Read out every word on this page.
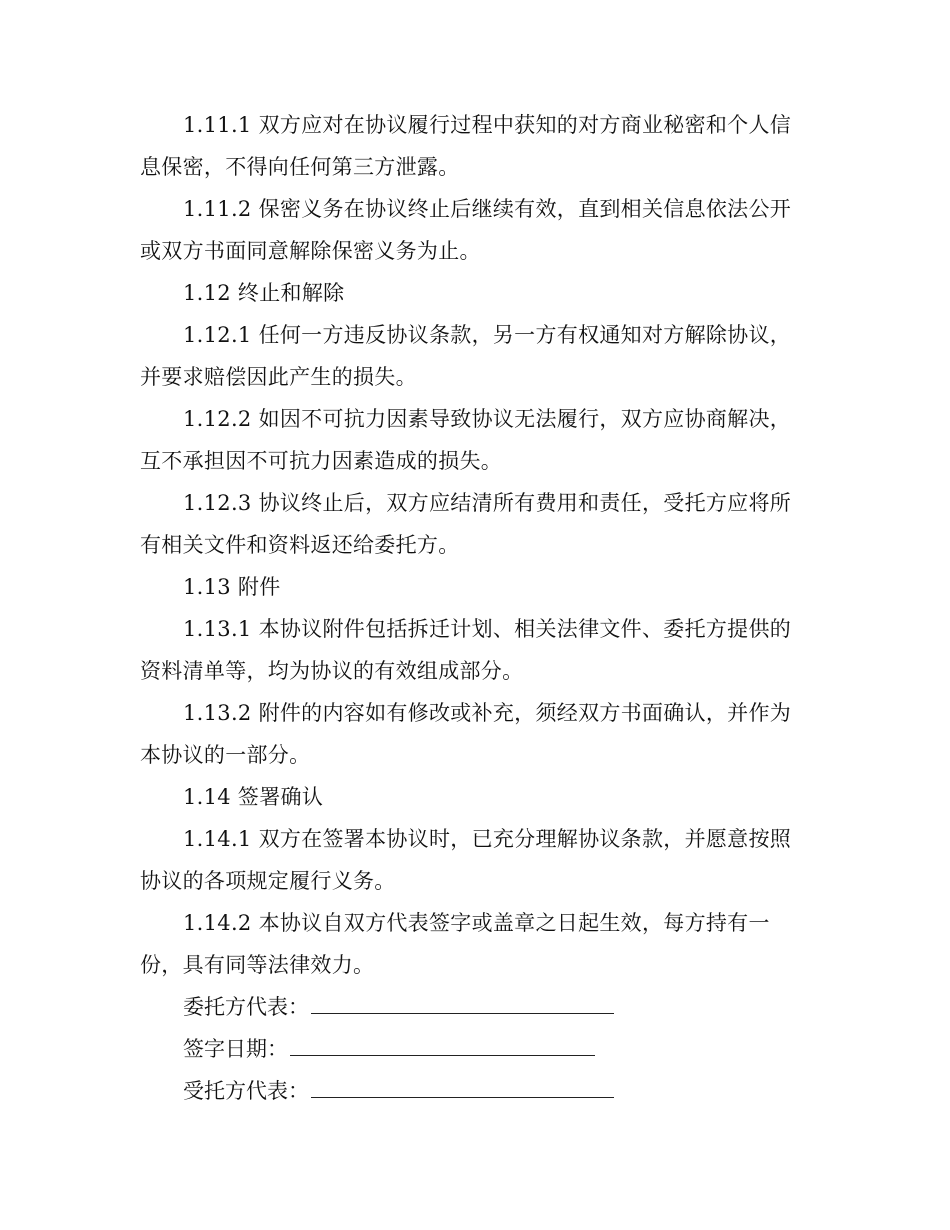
1.11.1 双方应对在协议履行过程中获知的对方商业秘密和个人信息保密，不得向任何第三方泄露。

1.11.2 保密义务在协议终止后继续有效，直到相关信息依法公开或双方书面同意解除保密义务为止。

1.12 终止和解除

1.12.1 任何一方违反协议条款，另一方有权通知对方解除协议，并要求赔偿因此产生的损失。

1.12.2 如因不可抗力因素导致协议无法履行，双方应协商解决，互不承担因不可抗力因素造成的损失。

1.12.3 协议终止后，双方应结清所有费用和责任，受托方应将所有相关文件和资料返还给委托方。

1.13 附件

1.13.1 本协议附件包括拆迁计划、相关法律文件、委托方提供的资料清单等，均为协议的有效组成部分。

1.13.2 附件的内容如有修改或补充，须经双方书面确认，并作为本协议的一部分。

1.14 签署确认

1.14.1 双方在签署本协议时，已充分理解协议条款，并愿意按照协议的各项规定履行义务。

1.14.2 本协议自双方代表签字或盖章之日起生效，每方持有一份，具有同等法律效力。

委托方代表：
签字日期：
受托方代表：
